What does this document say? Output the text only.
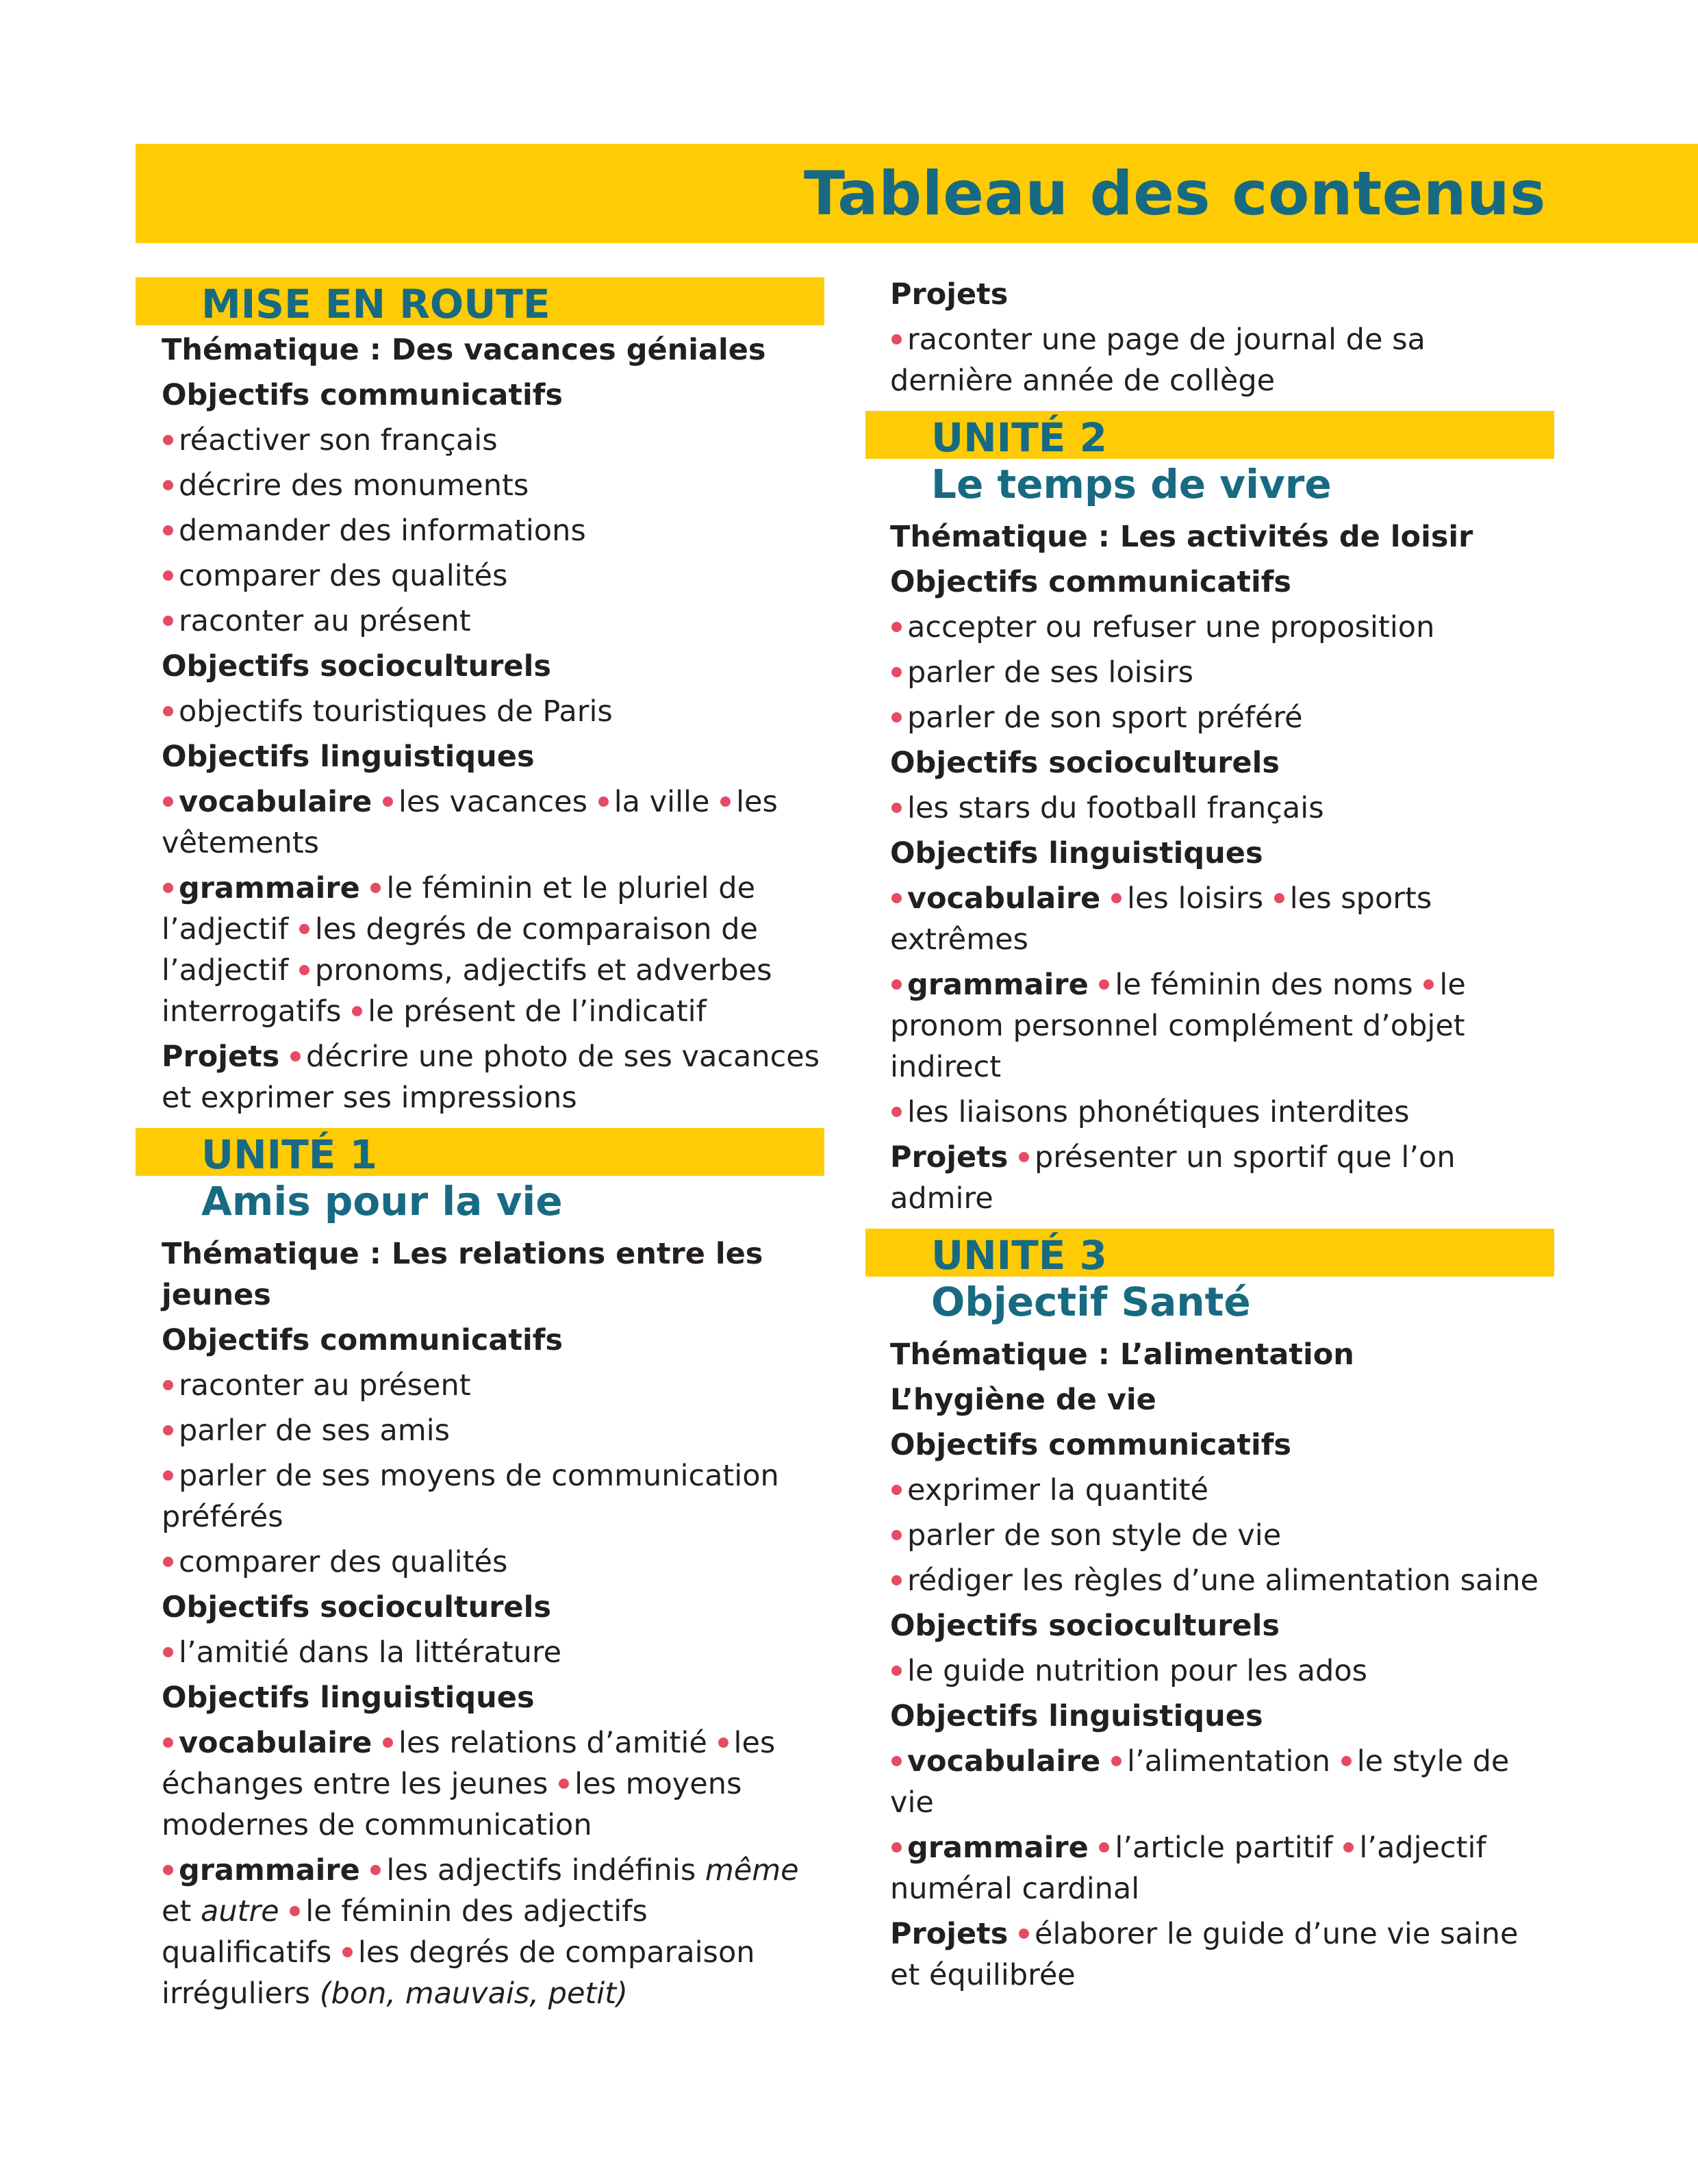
Tableau des contenus
MISE EN ROUTE
Thématique : Des vacances géniales
Objectifs communicatifs
réactiver son français
décrire des monuments
demander des informations
comparer des qualités
raconter au présent
Objectifs socioculturels
objectifs touristiques de Paris
Objectifs linguistiques
vocabulaire les vacances la ville les vêtements
grammaire le féminin et le pluriel de l’adjectif les degrés de comparaison de l’adjectif pronoms, adjectifs et adverbes interrogatifs le présent de l’indicatif
Projets décrire une photo de ses vacances et exprimer ses impressions
UNITÉ 1
Amis pour la vie
Thématique : Les relations entre les jeunes
Objectifs communicatifs
raconter au présent
parler de ses amis
parler de ses moyens de communication préférés
comparer des qualités
Objectifs socioculturels
l’amitié dans la littérature
Objectifs linguistiques
vocabulaire les relations d’amitié les échanges entre les jeunes les moyens modernes de communication
grammaire les adjectifs indéfinis même et autre le féminin des adjectifs qualificatifs les degrés de comparaison irréguliers (bon, mauvais, petit)
Projets
raconter une page de journal de sa dernière année de collège
UNITÉ 2
Le temps de vivre
Thématique : Les activités de loisir
Objectifs communicatifs
accepter ou refuser une proposition
parler de ses loisirs
parler de son sport préféré
Objectifs socioculturels
les stars du football français
Objectifs linguistiques
vocabulaire les loisirs les sports extrêmes
grammaire le féminin des noms le pronom personnel complément d’objet indirect
les liaisons phonétiques interdites
Projets présenter un sportif que l’on admire
UNITÉ 3
Objectif Santé
Thématique : L’alimentation
L’hygiène de vie
Objectifs communicatifs
exprimer la quantité
parler de son style de vie
rédiger les règles d’une alimentation saine
Objectifs socioculturels
le guide nutrition pour les ados
Objectifs linguistiques
vocabulaire l’alimentation le style de vie
grammaire l’article partitif l’adjectif numéral cardinal
Projets élaborer le guide d’une vie saine et équilibrée
